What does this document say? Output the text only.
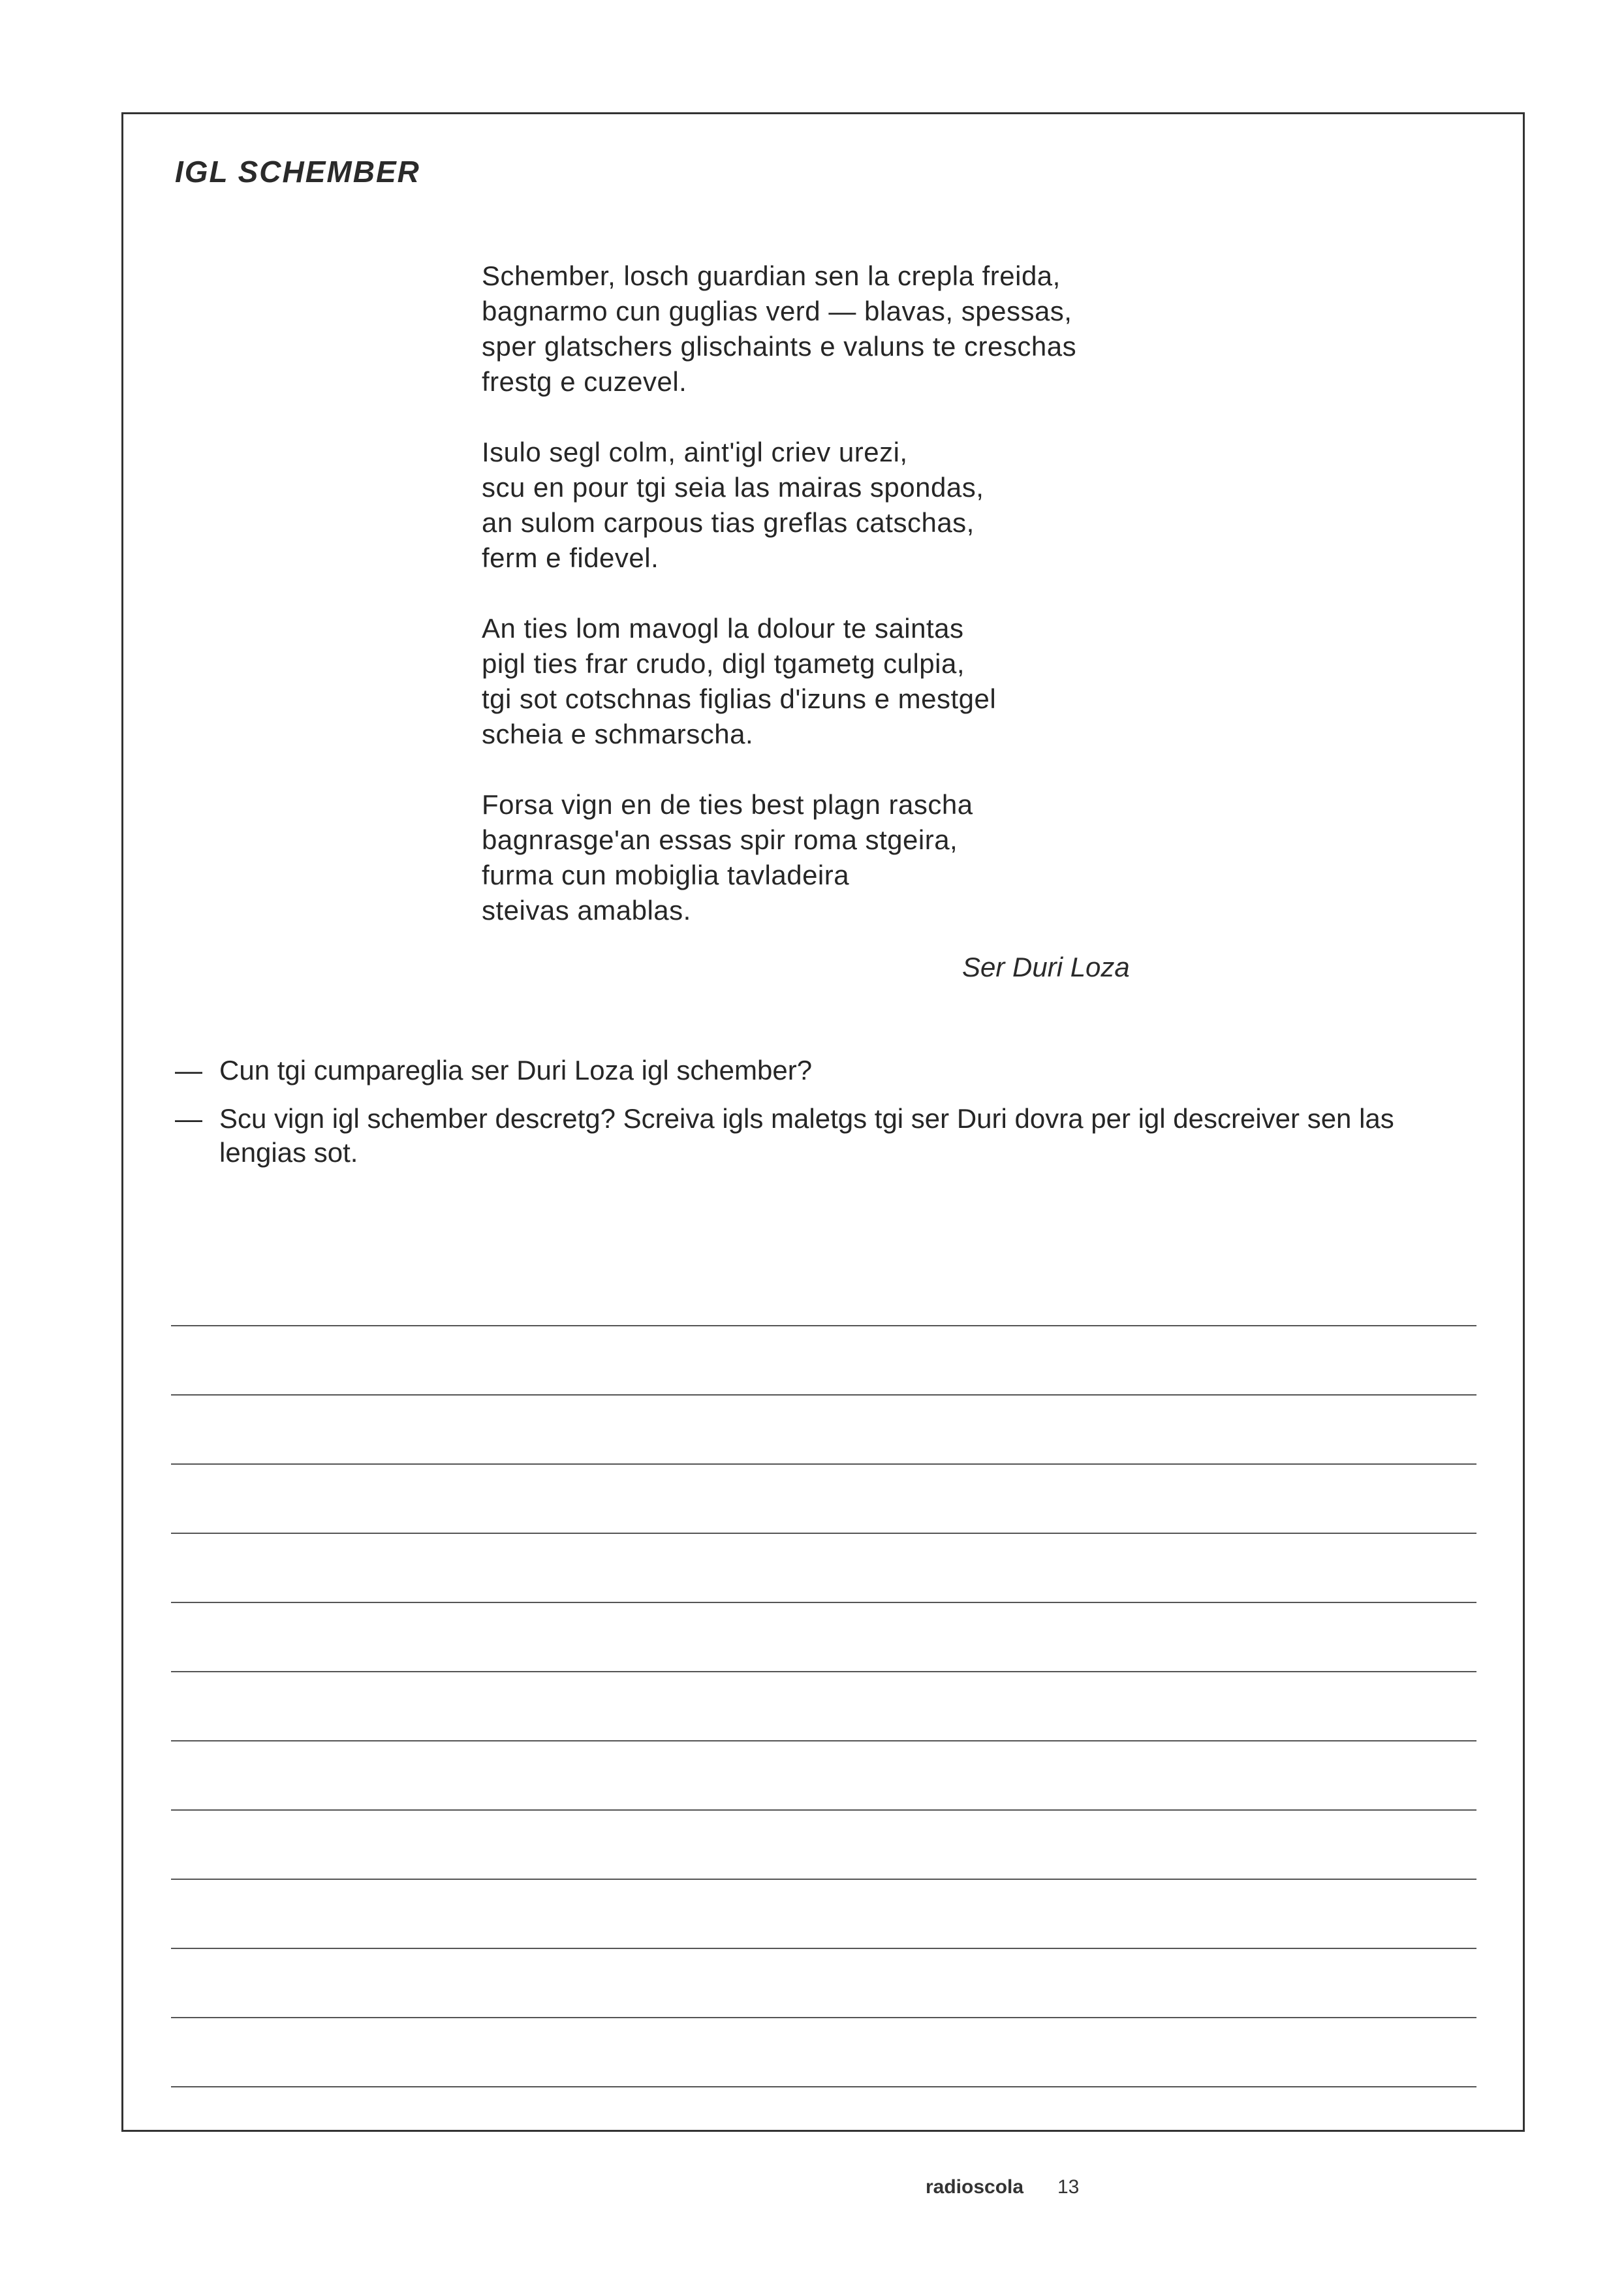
IGL SCHEMBER
Schember, losch guardian sen la crepla freida,
bagnarmo cun guglias verd — blavas, spessas,
sper glatschers glischaints e valuns te creschas
frestg e cuzevel.
Isulo segl colm, aint'igl criev urezi,
scu en pour tgi seia las mairas spondas,
an sulom carpous tias greflas catschas,
ferm e fidevel.
An ties lom mavogl la dolour te saintas
pigl ties frar crudo, digl tgametg culpia,
tgi sot cotschnas figlias d'izuns e mestgel
scheia e schmarscha.
Forsa vign en de ties best plagn rascha
bagnrasge'an essas spir roma stgeira,
furma cun mobiglia tavladeira
steivas amablas.
Ser Duri Loza
— Cun tgi cumpareglia ser Duri Loza igl schember?
— Scu vign igl schember descretg? Screiva igls maletgs tgi ser Duri dovra per igl descreiver sen las lengias sot.
radioscola 13
